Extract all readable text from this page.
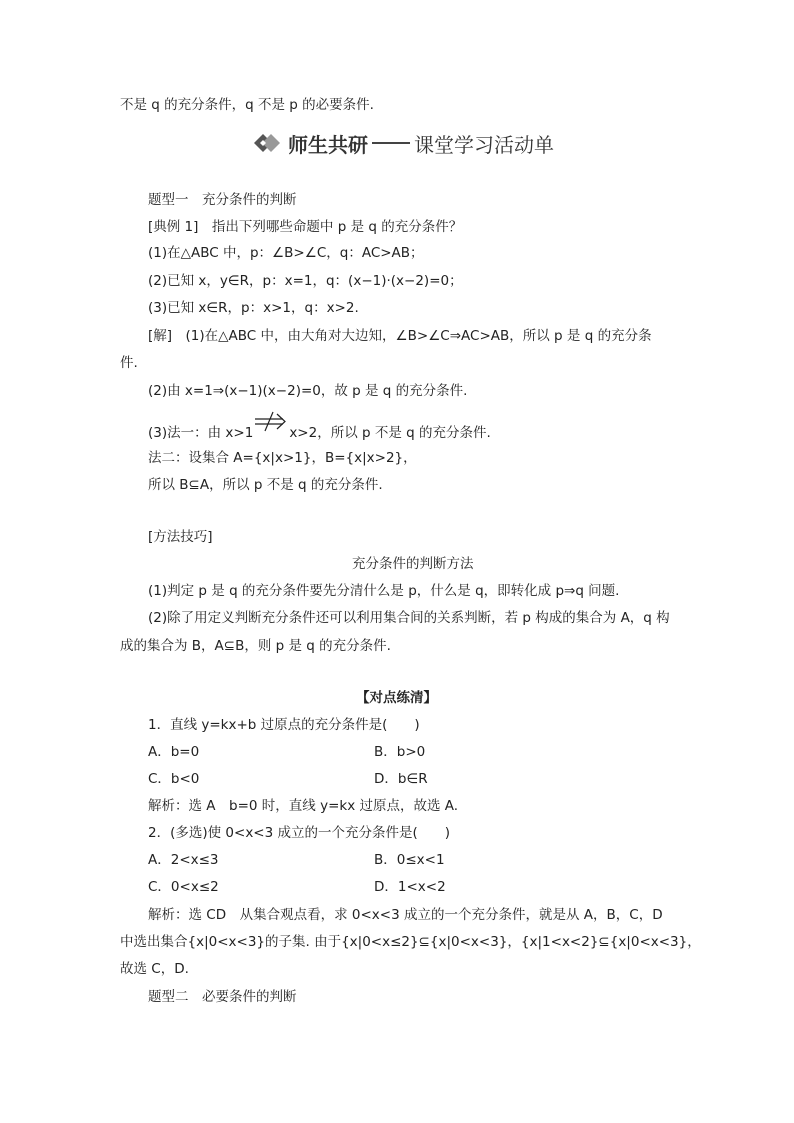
不是 q 的充分条件，q 不是 p 的必要条件.
师生共研 课堂学习活动单
题型一　充分条件的判断
[典例 1]　指出下列哪些命题中 p 是 q 的充分条件？
(1)在△ABC 中，p：∠B>∠C，q：AC>AB；
(2)已知 x，y∈R，p：x=1，q：(x−1)·(x−2)=0；
(3)已知 x∈R，p：x>1，q：x>2.
[解]　(1)在△ABC 中，由大角对大边知，∠B>∠C⇒AC>AB，所以 p 是 q 的充分条
件.
(2)由 x=1⇒(x−1)(x−2)=0，故 p 是 q 的充分条件.
(3)法一：由 x>1	x>2，所以 p 不是 q 的充分条件.
法二：设集合 A={x|x>1}，B={x|x>2}，
所以 B⊆A，所以 p 不是 q 的充分条件.
[方法技巧]
充分条件的判断方法
(1)判定 p 是 q 的充分条件要先分清什么是 p，什么是 q，即转化成 p⇒q 问题.
(2)除了用定义判断充分条件还可以利用集合间的关系判断，若 p 构成的集合为 A，q 构
成的集合为 B，A⊆B，则 p 是 q 的充分条件.
【对点练清】
1．直线 y=kx+b 过原点的充分条件是(　　)
A．b=0	B．b>0
C．b<0	D．b∈R
解析：选 A　b=0 时，直线 y=kx 过原点，故选 A.
2．(多选)使 0<x<3 成立的一个充分条件是(　　)
A．2<x≤3	B．0≤x<1
C．0<x≤2	D．1<x<2
解析：选 CD　从集合观点看，求 0<x<3 成立的一个充分条件，就是从 A，B，C，D
中选出集合{x|0<x<3}的子集. 由于{x|0<x≤2}⊆{x|0<x<3}，{x|1<x<2}⊆{x|0<x<3}，
故选 C，D.
题型二　必要条件的判断
